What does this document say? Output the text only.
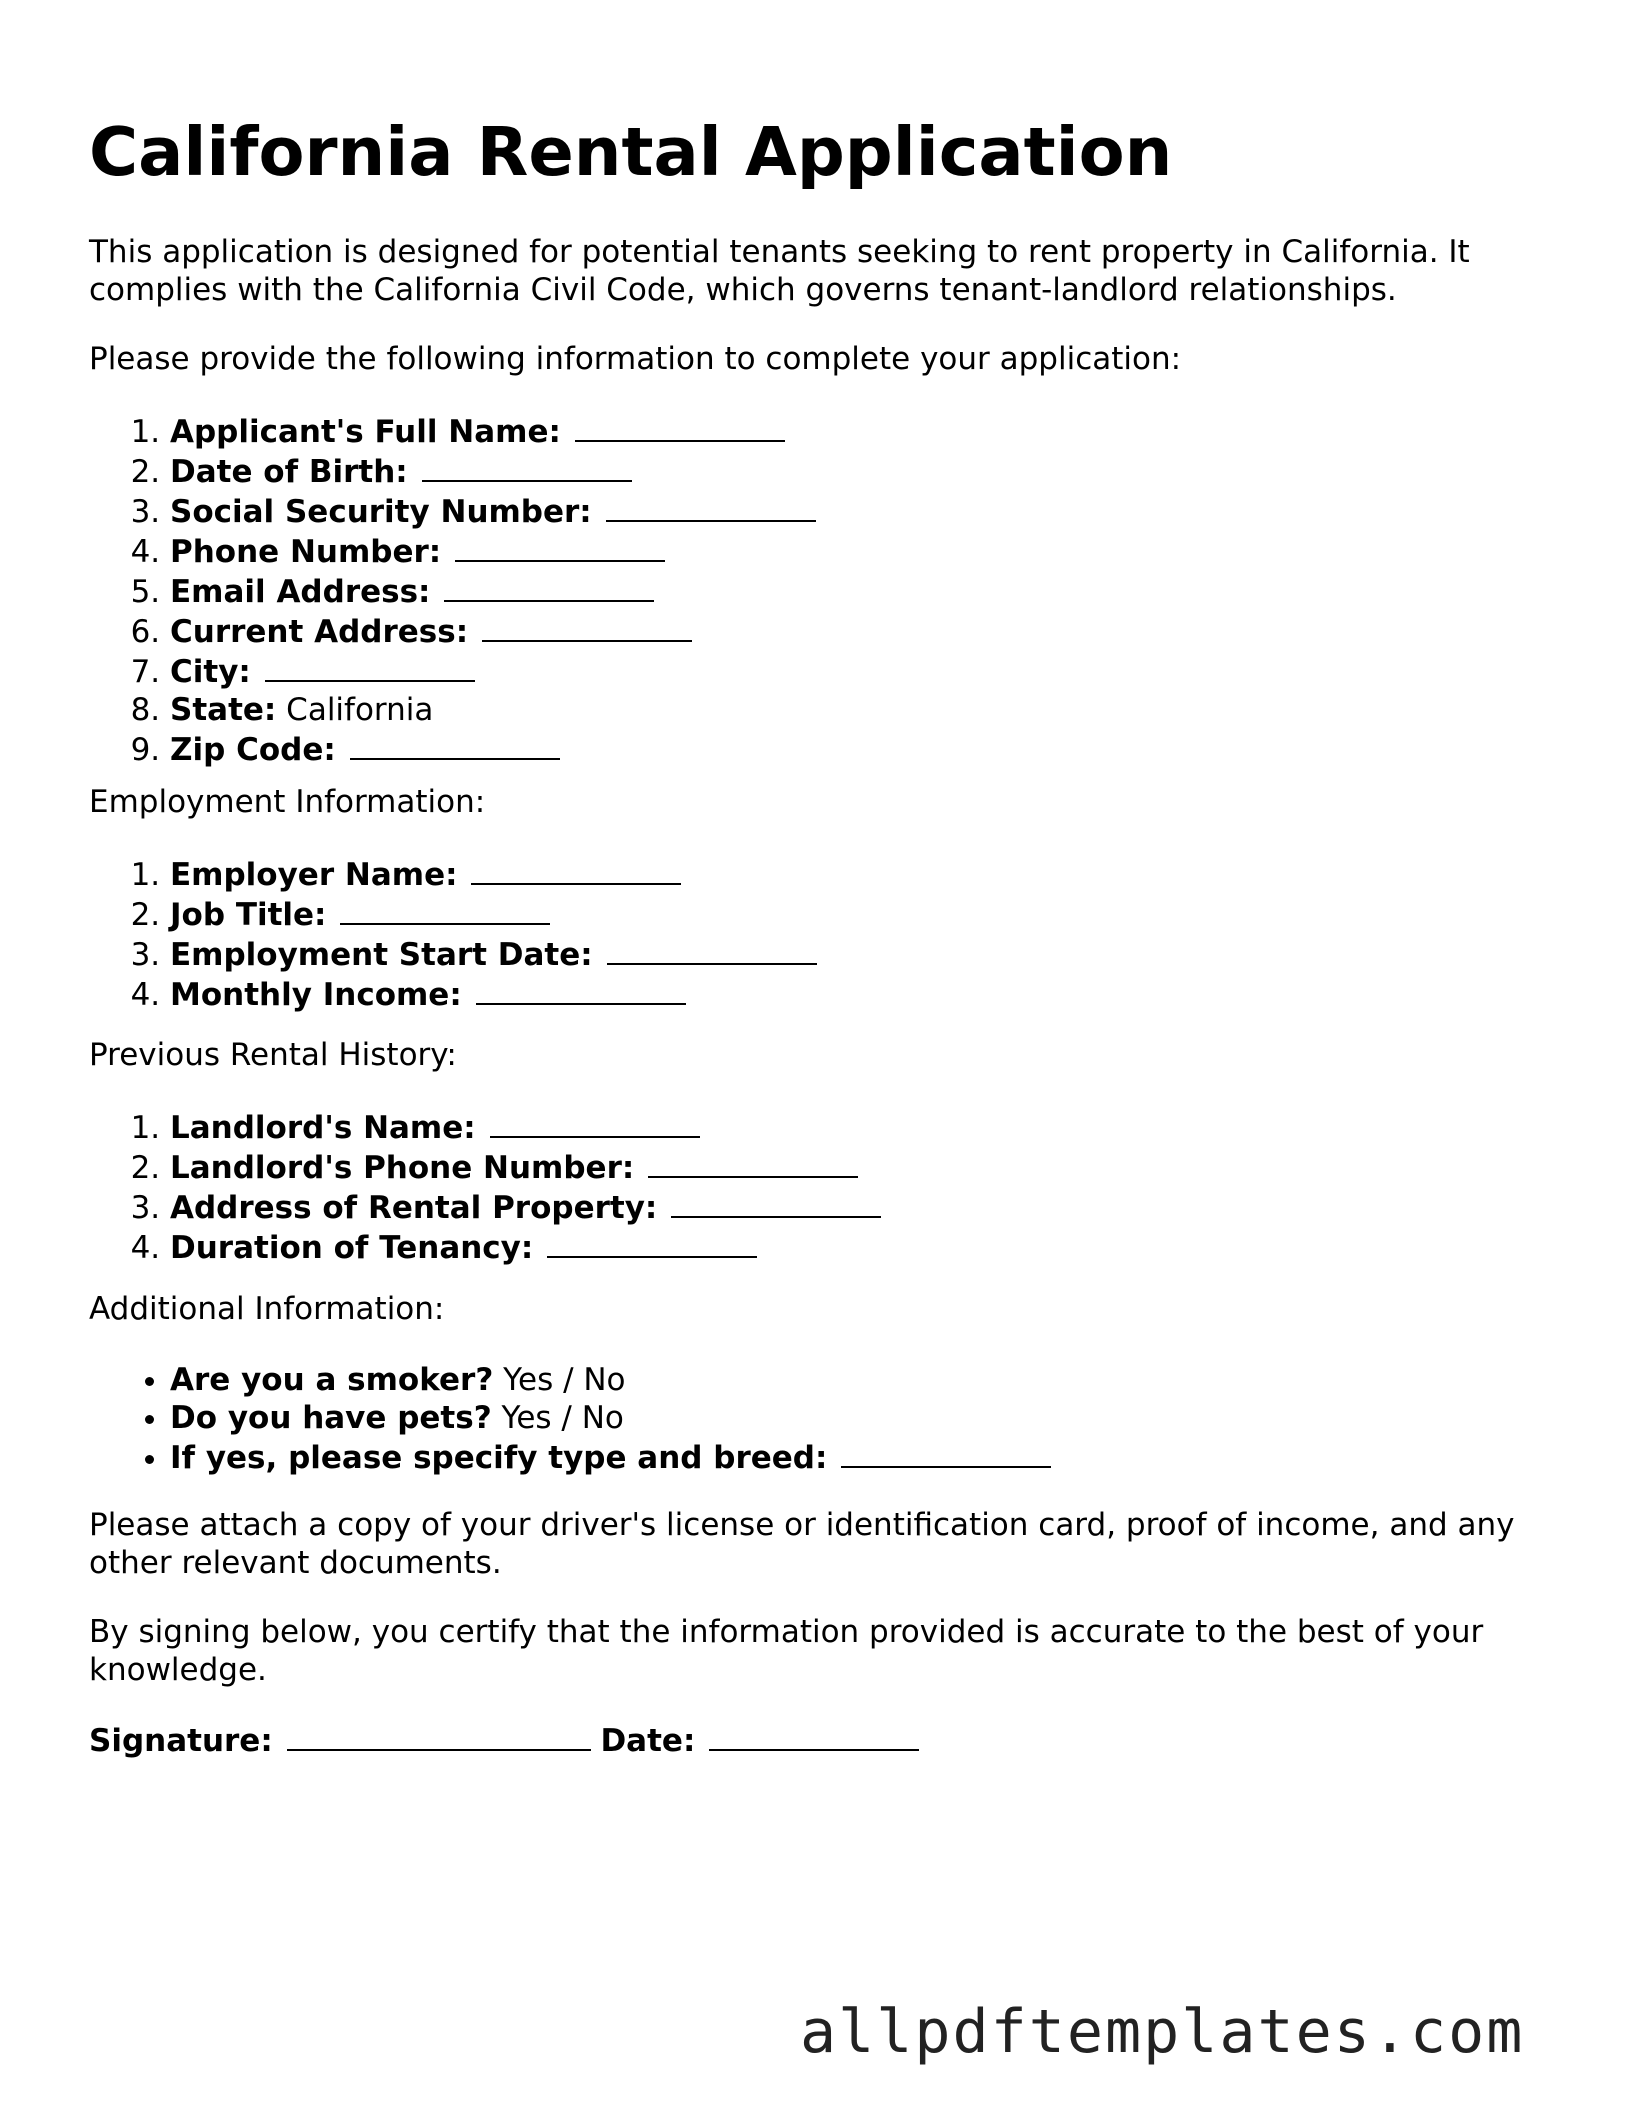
California Rental Application

This application is designed for potential tenants seeking to rent property in California. It complies with the California Civil Code, which governs tenant-landlord relationships.

Please provide the following information to complete your application:

1. Applicant's Full Name:
2. Date of Birth:
3. Social Security Number:
4. Phone Number:
5. Email Address:
6. Current Address:
7. City:
8. State: California
9. Zip Code:

Employment Information:

1. Employer Name:
2. Job Title:
3. Employment Start Date:
4. Monthly Income:

Previous Rental History:

1. Landlord's Name:
2. Landlord's Phone Number:
3. Address of Rental Property:
4. Duration of Tenancy:

Additional Information:

• Are you a smoker? Yes / No
• Do you have pets? Yes / No
• If yes, please specify type and breed:

Please attach a copy of your driver's license or identification card, proof of income, and any other relevant documents.

By signing below, you certify that the information provided is accurate to the best of your knowledge.

Signature:	Date:
allpdftemplates.com
